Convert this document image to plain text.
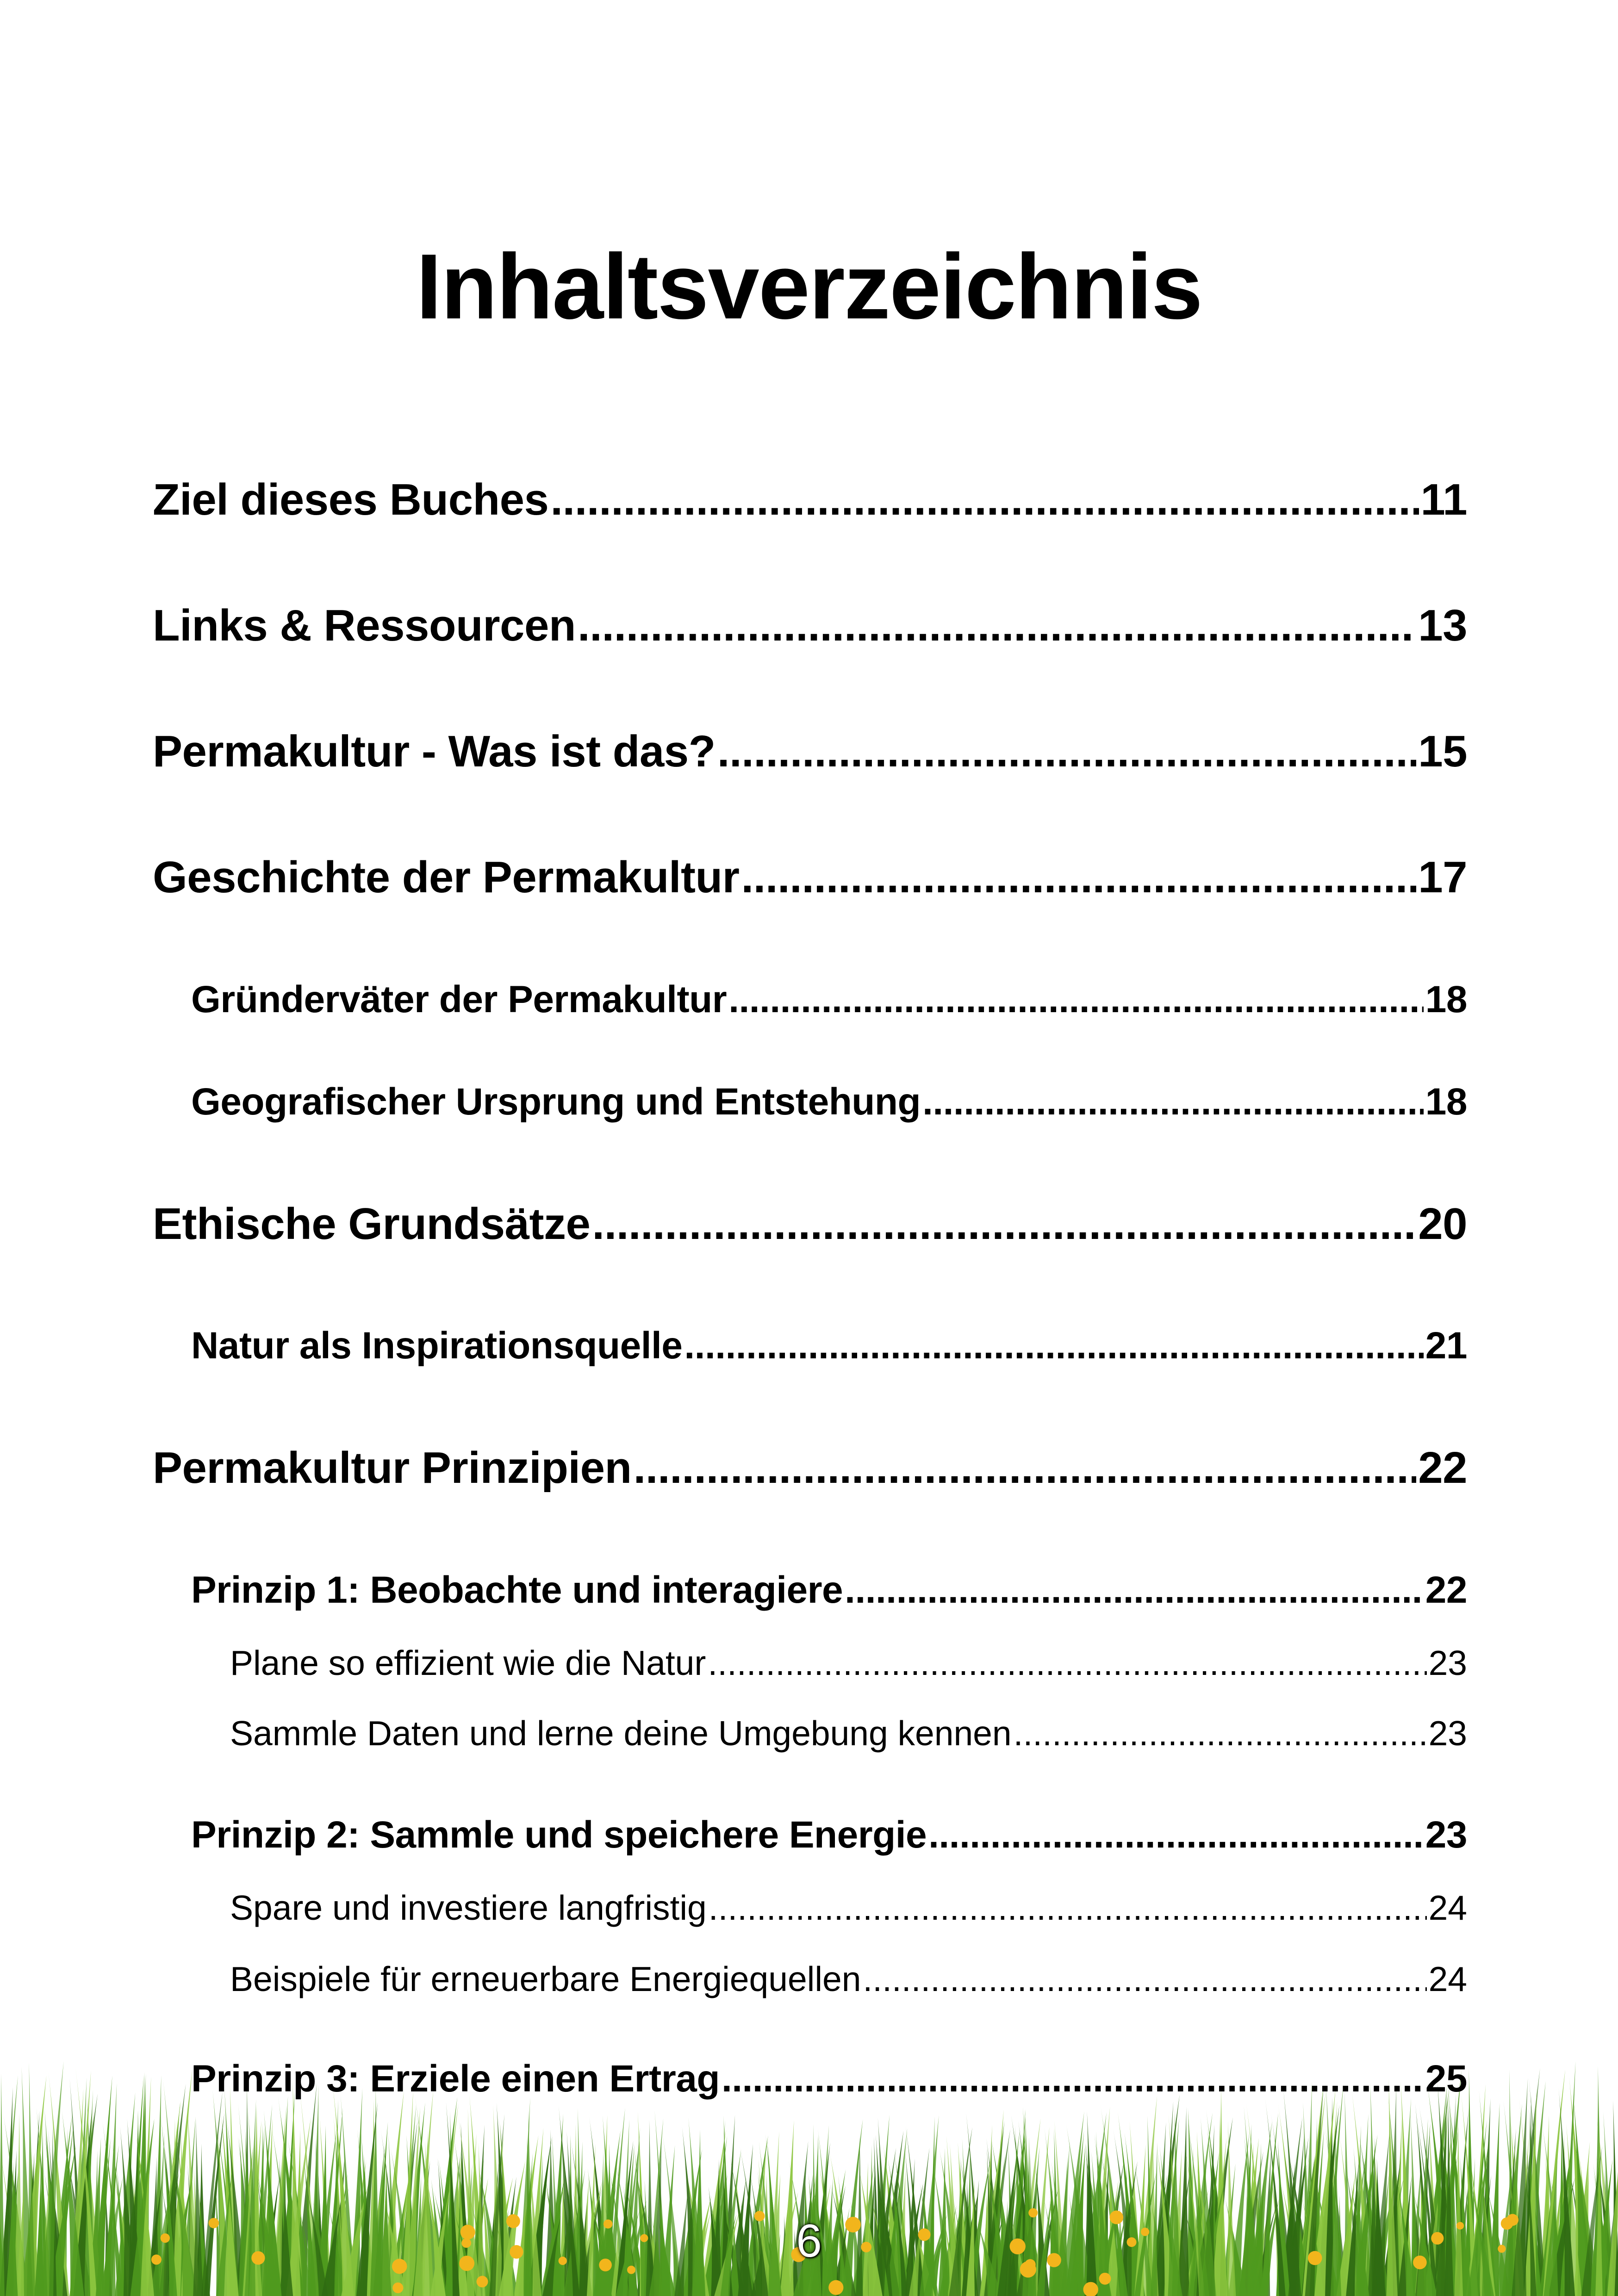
Inhaltsverzeichnis
Ziel dieses Buches .....	11
Links & Ressourcen .....	13
Permakultur - Was ist das? .....	15
Geschichte der Permakultur .....	17
Gründerväter der Permakultur .....	18
Geografischer Ursprung und Entstehung .....	18
Ethische Grundsätze .....	20
Natur als Inspirationsquelle .....	21
Permakultur Prinzipien .....	22
Prinzip 1: Beobachte und interagiere .....	22
Plane so effizient wie die Natur .....	23
Sammle Daten und lerne deine Umgebung kennen .....	23
Prinzip 2: Sammle und speichere Energie .....	23
Spare und investiere langfristig .....	24
Beispiele für erneuerbare Energiequellen .....	24
Prinzip 3: Erziele einen Ertrag .....	25
6
